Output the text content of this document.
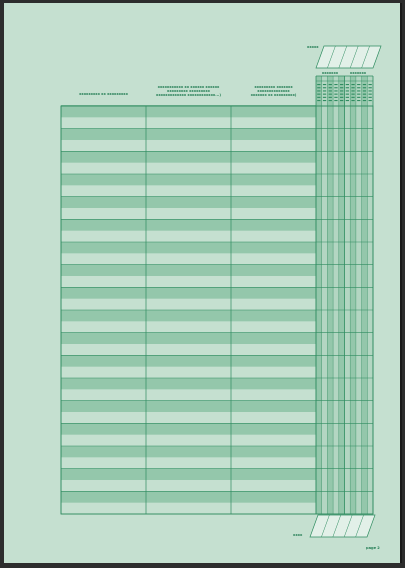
xxxxx
xxxxxxxxx xx xxxxxxxxx
xxxxxxxxxxx xx xxxxxx xxxxxx
xxxxxxxxx xxxxxxxxx
xxxxxxxxxxxxx xxxxxxxxxxxx...)
xxxxxxxxx xxxxxxx
xxxxxxxxxxxxxx
xxxxxxx xx xxxxxxxxx)
xxxxxxx	xxxxxxx
xxxx
page 2
